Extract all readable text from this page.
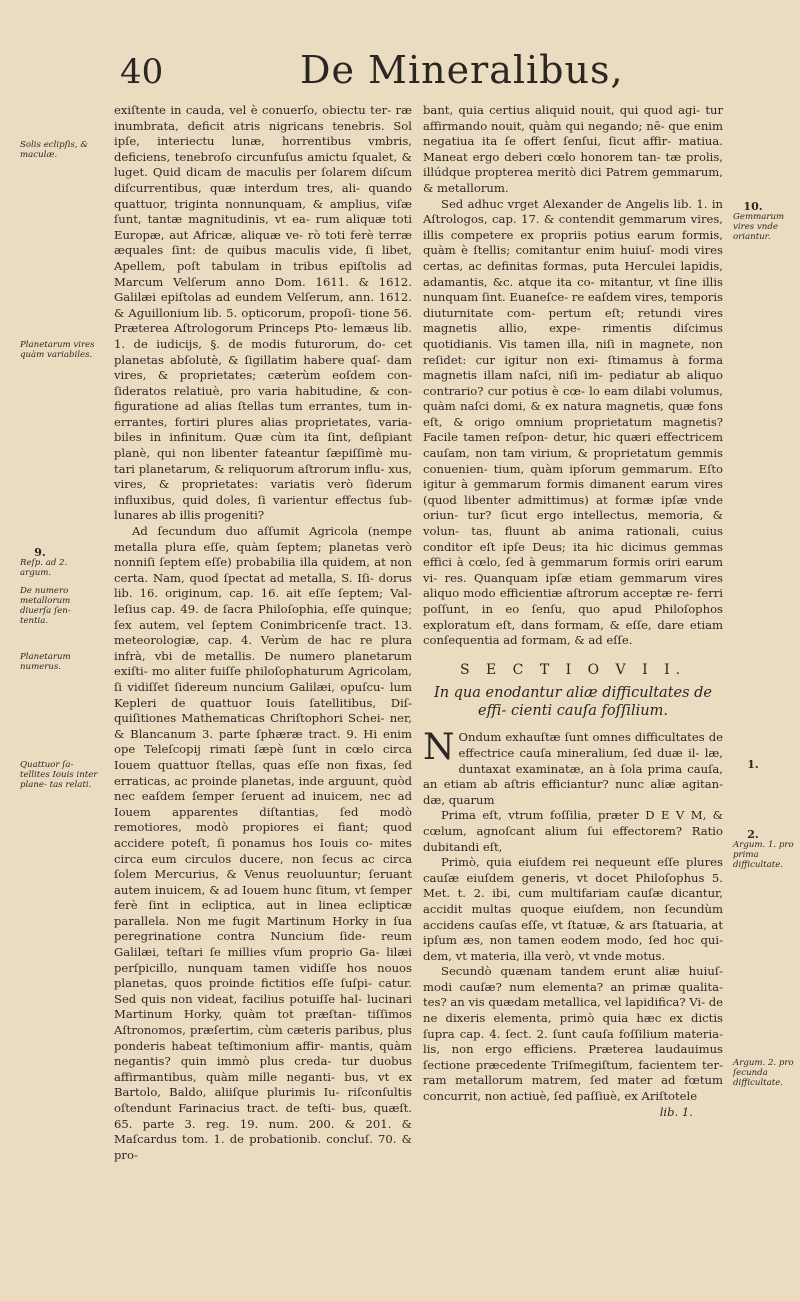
40	De Mineralibus,

exiſtente in cauda, vel è conuerſo, obiectu ter- ræ inumbrata, deficit atris nigricans tenebris. Sol ipſe, interiectu lunæ, horrentibus vmbris, deficiens, tenebroſo circunfuſus amictu ſqualet, & luget. Quid dicam de maculis per ſolarem diſcum diſcurrentibus, quæ interdum tres, ali- quando quattuor, triginta nonnunquam, & amplius, viſæ ſunt, tantæ magnitudinis, vt ea- rum aliquæ toti Europæ, aut Africæ, aliquæ ve- rò toti ferè terræ æquales ſint: de quibus maculis vide, ſi libet, Apellem, poſt tabulam in tribus epiſtolis ad Marcum Velſerum anno Dom. 1611. & 1612. Galilæi epiſtolas ad eundem Velſerum, ann. 1612. & Aguillonium lib. 5. opticorum, propoſi- tione 56. Præterea Aſtrologorum Princeps Pto- lemæus lib. 1. de iudicijs, §. de modis futurorum, do- cet planetas abſolutè, & ſigillatim habere quaſ- dam vires, & proprietates; cæterùm eoſdem con- ſideratos relatiuè, pro varia habitudine, & con- figuratione ad alias ſtellas tum errantes, tum in- errantes, fortiri plures alias proprietates, varia- biles in infinitum. Quæ cùm ita ſint, deſipiant planè, qui non libenter fateantur ſæpiſſimè mu- tari planetarum, & reliquorum aſtrorum influ- xus, vires, & proprietates: variatis verò ſiderum influxibus, quid doles, ſi varientur effectus ſub- lunares ab illis progeniti?

Ad ſecundum duo aſſumit Agricola (nempe metalla plura eſſe, quàm ſeptem; planetas verò nonniſi ſeptem eſſe) probabilia illa quidem, at non certa. Nam, quod ſpectat ad metalla, S. Iſi- dorus lib. 16. originum, cap. 16. ait eſſe ſeptem; Val- leſius cap. 49. de ſacra Philoſophia, eſſe quinque; ſex autem, vel ſeptem Conimbricenſe tract. 13. meteorologiæ, cap. 4. Verùm de hac re plura infrà, vbi de metallis. De numero planetarum exiſti- mo aliter fuiſſe philoſophaturum Agricolam, ſi vidiſſet ſidereum nuncium Galilæi, opuſcu- lum Kepleri de quattuor Iouis ſatellitibus, Diſ- quiſitiones Mathematicas Chriſtophori Schei- ner, & Blancanum 3. parte ſphæræ tract. 9. Hi enim ope Teleſcopij rimati ſæpè ſunt in cœlo circa Iouem quattuor ſtellas, quas eſſe non fixas, ſed erraticas, ac proinde planetas, inde arguunt, quòd nec eaſdem ſemper ſeruent ad inuicem, nec ad Iouem apparentes diſtantias, ſed modò remotiores, modò propiores ei fiant; quod accidere poteſt, ſi ponamus hos Iouis co- mites circa eum circulos ducere, non ſecus ac circa ſolem Mercurius, & Venus reuoluuntur; ſeruant autem inuicem, & ad Iouem hunc ſitum, vt ſemper ferè ſint in ecliptica, aut in linea eclipticæ parallela. Non me fugit Martinum Horky in ſua peregrinatione contra Nuncium ſide- reum Galilæi, teſtari ſe millies vſum proprio Ga- lilæi perſpicillo, nunquam tamen vidiſſe hos nouos planetas, quos proinde fictitios eſſe ſuſpi- catur. Sed quis non videat, facilius potuiſſe hal- lucinari Martinum Horky, quàm tot præſtan- tiſſimos Aſtronomos, præſertim, cùm cæteris paribus, plus ponderis habeat teſtimonium affir- mantis, quàm negantis? quin immò plus creda- tur duobus affirmantibus, quàm mille neganti- bus, vt ex Bartolo, Baldo, aliiſque plurimis Iu- riſconſultis oſtendunt Farinacius tract. de teſti- bus, quæſt. 65. parte 3. reg. 19. num. 200. & 201. & Maſcardus tom. 1. de probationib. concluſ. 70. & pro-

bant, quia certius aliquid nouit, qui quod agi- tur affirmando nouit, quàm qui negando; nē- que enim negatiua ita ſe offert ſenſui, ſicut affir- matiua. Maneat ergo deberi cœlo honorem tan- tæ prolis, illúdque propterea meritò dici Patrem gemmarum, & metallorum.

Sed adhuc vrget Alexander de Angelis lib. 1. in Aſtrologos, cap. 17. & contendit gemmarum vires, illis competere ex propriis potius earum formis, quàm è ſtellis; comitantur enim huiuſ- modi vires certas, ac definitas formas, puta Herculei lapidis, adamantis, &c. atque ita co- mitantur, vt ſine illis nunquam ſint. Euaneſce- re eaſdem vires, temporis diuturnitate com- pertum eſt; retundi vires magnetis allio, expe- rimentis diſcimus quotidianis. Vis tamen illa, niſi in magnete, non reſidet: cur igitur non exi- ſtimamus à forma magnetis illam naſci, niſi im- pediatur ab aliquo contrario? cur potius è cœ- lo eam dilabi volumus, quàm naſci domi, & ex natura magnetis, quæ fons eſt, & origo omnium proprietatum magnetis? Facile tamen reſpon- detur, hic quæri effectricem cauſam, non tam virium, & proprietatum gemmis conuenien- tium, quàm ipſorum gemmarum. Eſto igitur à gemmarum formis dimanent earum vires (quod libenter admittimus) at formæ ipſæ vnde oriun- tur? ſicut ergo intellectus, memoria, & volun- tas, fluunt ab anima rationali, cuius conditor eſt ipſe Deus; ita hic dicimus gemmas effici à cœlo, ſed à gemmarum formis oriri earum vi- res. Quanquam ipſæ etiam gemmarum vires aliquo modo efficientiæ aſtrorum acceptæ re- ferri poſſunt, in eo ſenſu, quo apud Philoſophos exploratum eſt, dans formam, & eſſe, dare etiam conſequentia ad formam, & ad eſſe.

S E C T I O V I I.
In qua enodantur aliæ difficultates de effi- cienti cauſa foſſilium.

N Ondum exhauſtæ ſunt omnes difficultates de effectrice cauſa mineralium, ſed duæ il- læ, duntaxat examinatæ, an à ſola prima cauſa, an etiam ab aſtris efficiantur? nunc aliæ agitan- dæ, quarum

Prima eſt, vtrum foſſilia, præter D E V M, & cœlum, agnoſcant alium ſui effectorem? Ratio dubitandi eſt,

Primò, quia eiuſdem rei nequeunt eſſe plures cauſæ eiuſdem generis, vt docet Philoſophus 5. Met. t. 2. ibi, cum multifariam cauſæ dicantur, accidit multas quoque eiuſdem, non ſecundùm accidens cauſas eſſe, vt ſtatuæ, & ars ſtatuaria, at ipſum æs, non tamen eodem modo, ſed hoc qui- dem, vt materia, illa verò, vt vnde motus.

Secundò quænam tandem erunt aliæ huiuſ- modi cauſæ? num elementa? an primæ qualita- tes? an vis quædam metallica, vel lapidifica? Vi- de ne dixeris elementa, primò quia hæc ex dictis ſupra cap. 4. ſect. 2. ſunt cauſa foſſilium materia- lis, non ergo efficiens. Præterea laudauimus ſectione præcedente Triſmegiſtum, facientem ter- ram metallorum matrem, ſed mater ad fœtum concurrit, non actiuè, ſed paſſiuè, ex Ariſtotele

lib. 1.

Solis eclipſis, & maculæ.
Planetarum vires quàm variabiles.
9.
Reſp. ad 2. argum.
De numero metallorum diuerſa ſen- tentia.
Planetarum numerus.
Quattuor ſa- tellites Iouis inter plane- tas relati.
10.
Gemmarum vires vnde oriantur.
1.
2.
Argum. 1. pro prima difficultate.
Argum. 2. pro ſecunda difficultate.
